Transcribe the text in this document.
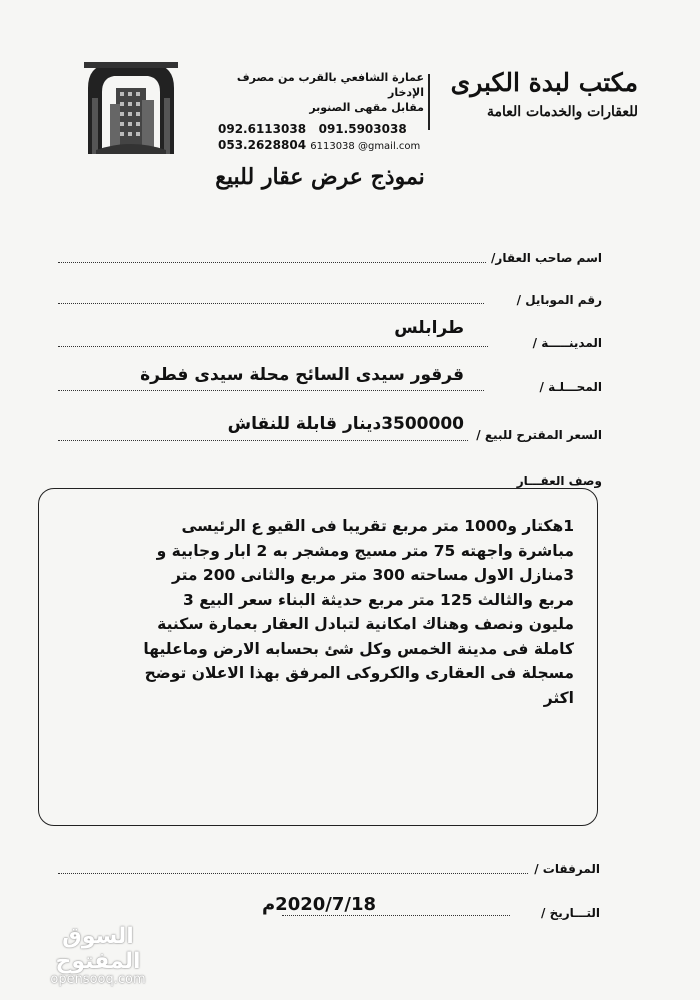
مكتب لبدة الكبرى
للعقارات والخدمات العامة
عمارة الشافعي بالقرب من مصرف الإدخار
مقابل مقهى الصنوبر
092.6113038 091.5903038
053.2628804 6113038 @gmail.com
نموذج عرض عقار للبيع
اسم صاحب العقار/
رقم الموبايل /
المدينـــــة /
طرابلس
المحـــلـة /
قرقور سيدى السائح محلة سيدى فطرة
السعر المقترح للبيع /
3500000دينار قابلة للنقاش
وصف العقـــار
1هكتار و1000 متر مربع تقريبا فى القيو ع الرئيسى
مباشرة واجهته 75 متر مسيج ومشجر به 2 ابار وجابية و
3منازل الاول مساحته 300 متر مربع والثانى 200 متر
مربع والثالث 125 متر مربع حديثة البناء سعر البيع 3
مليون ونصف وهناك امكانية لتبادل العقار بعمارة سكنية
كاملة فى مدينة الخمس وكل شئ بحسابه الارض وماعليها
مسجلة فى العقارى والكروكى المرفق بهذا الاعلان توضح
اكثر
المرفقات /
التـــاريخ /
2020/7/18م
السوق المفتوح
opensooq.com
